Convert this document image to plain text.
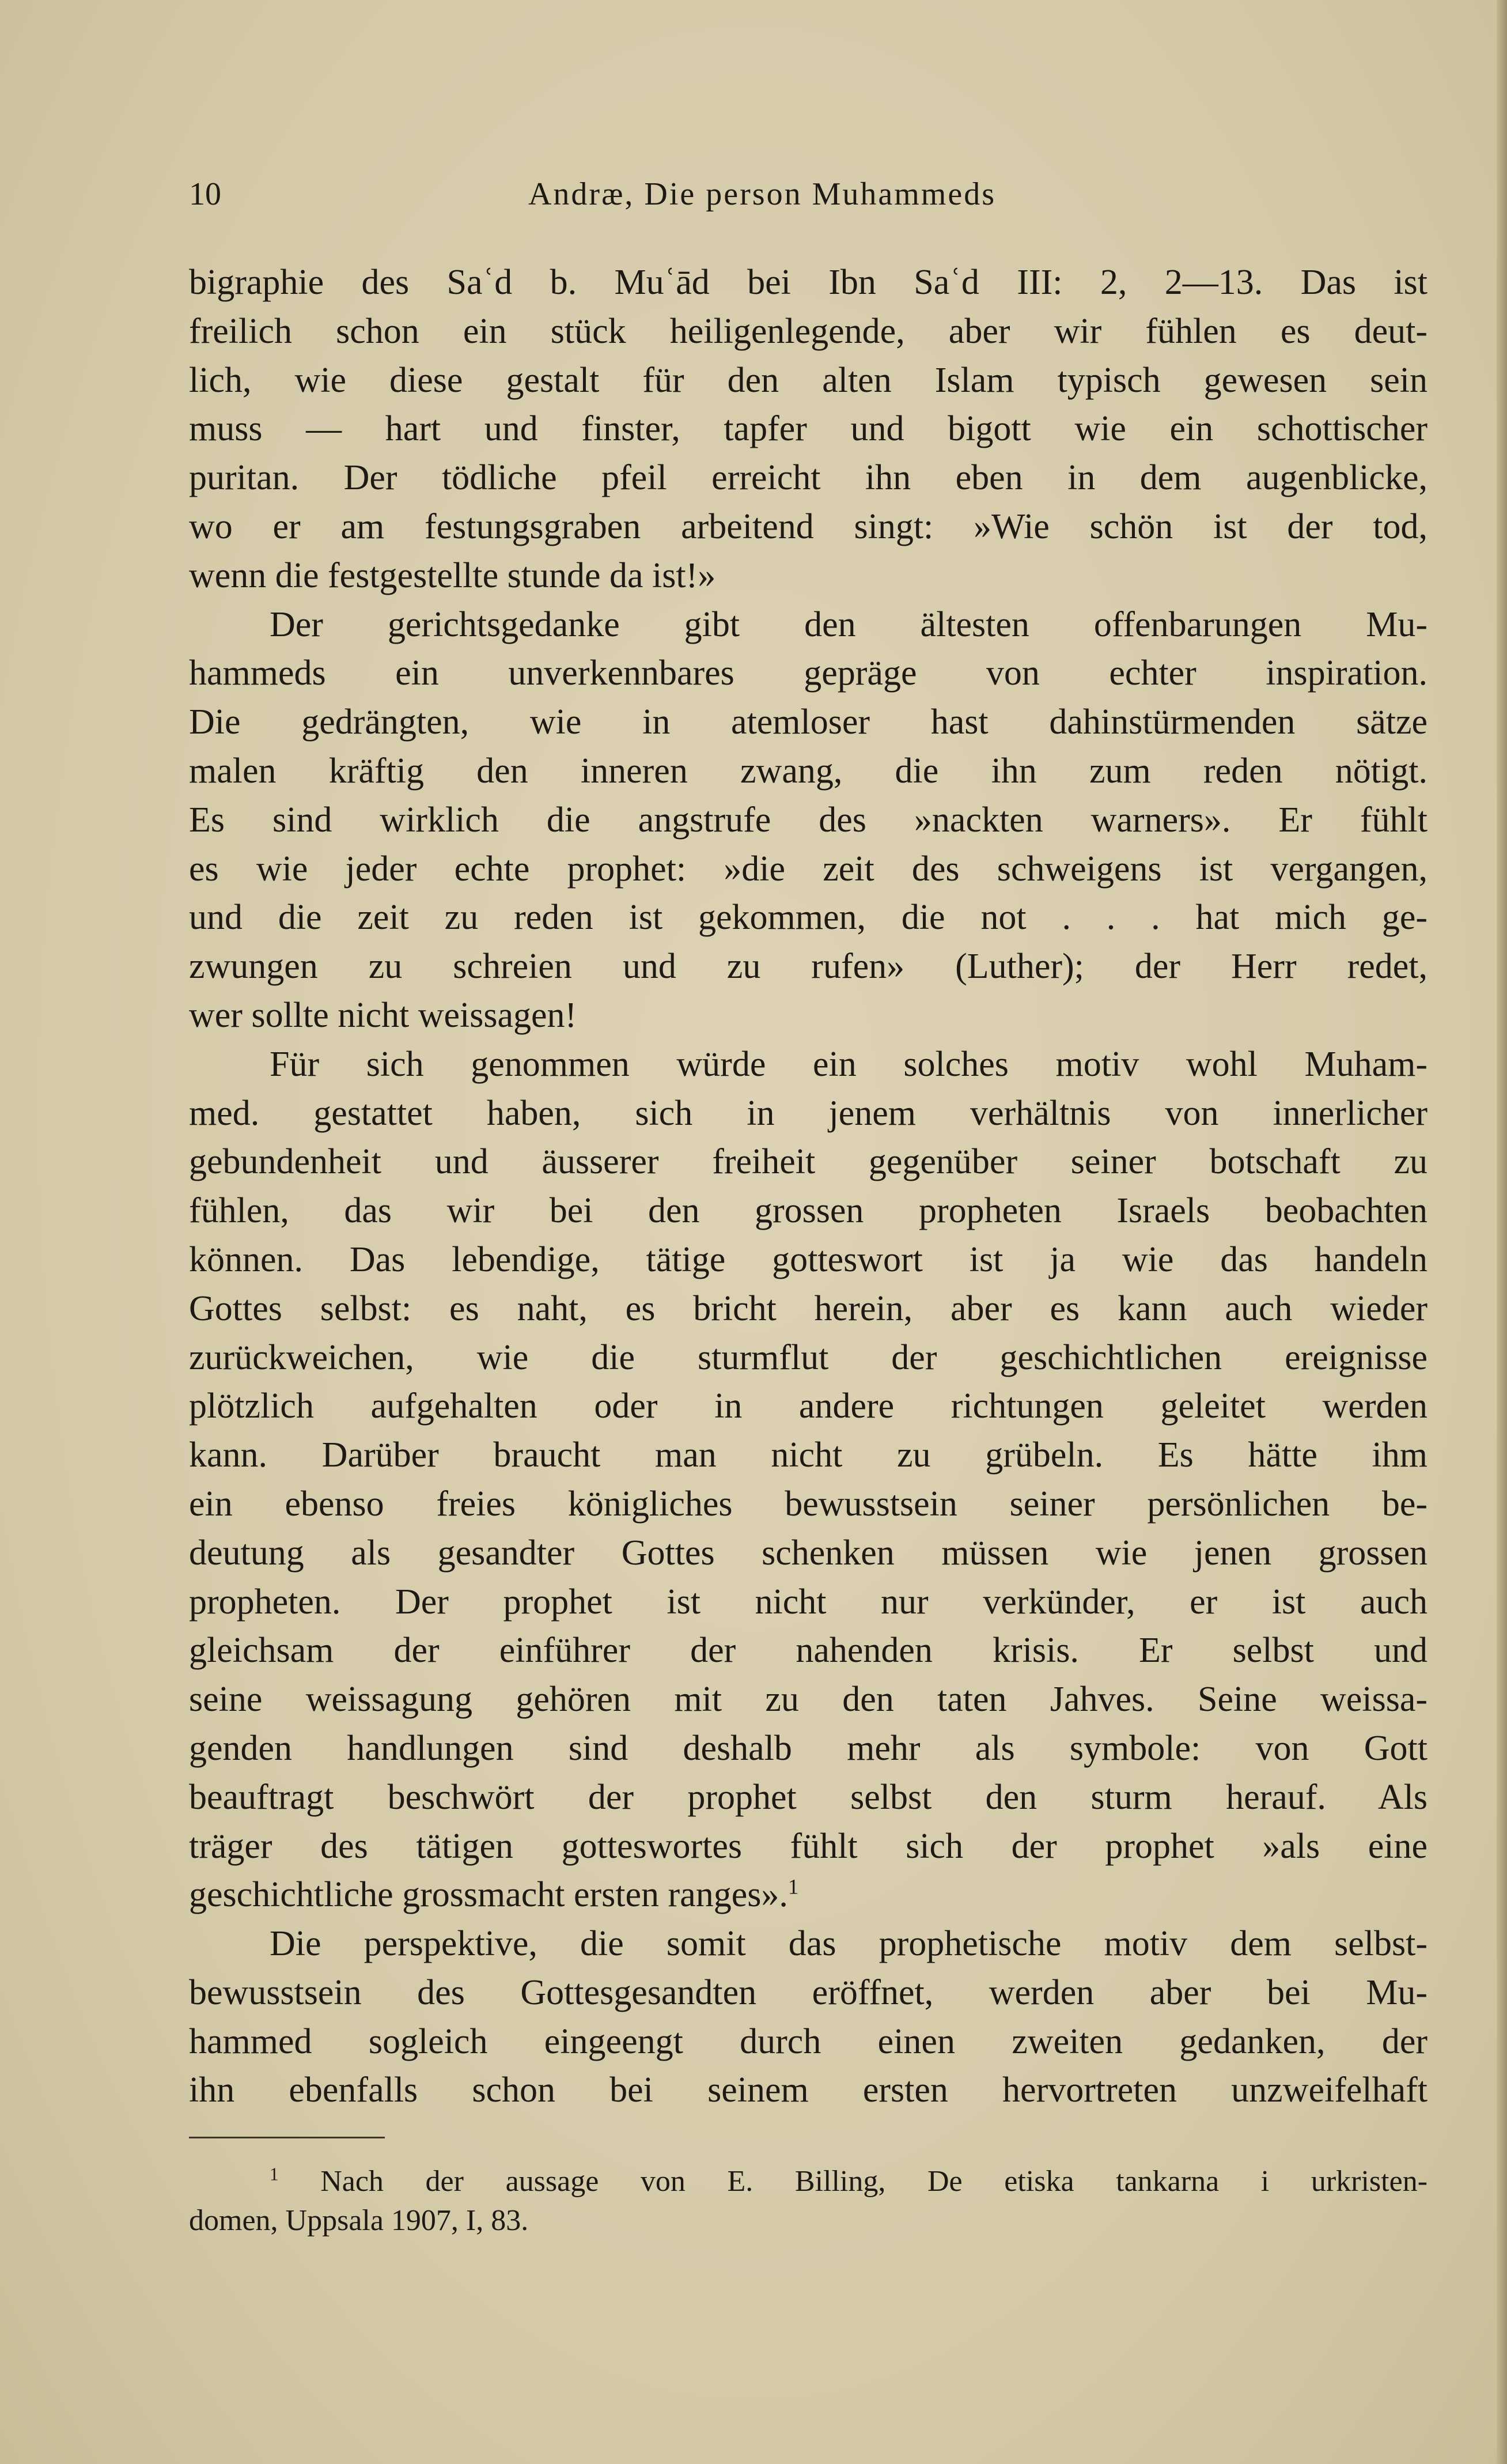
10	Andræ, Die person Muhammeds
bigraphie des Saʿd b. Muʿād bei Ibn Saʿd III: 2, 2—13. Das ist
freilich schon ein stück heiligenlegende, aber wir fühlen es deut-
lich, wie diese gestalt für den alten Islam typisch gewesen sein
muss — hart und finster, tapfer und bigott wie ein schottischer
puritan. Der tödliche pfeil erreicht ihn eben in dem augenblicke,
wo er am festungsgraben arbeitend singt: »Wie schön ist der tod,
wenn die festgestellte stunde da ist!»
Der gerichtsgedanke gibt den ältesten offenbarungen Mu-
hammeds ein unverkennbares gepräge von echter inspiration.
Die gedrängten, wie in atemloser hast dahinstürmenden sätze
malen kräftig den inneren zwang, die ihn zum reden nötigt.
Es sind wirklich die angstrufe des »nackten warners». Er fühlt
es wie jeder echte prophet: »die zeit des schweigens ist vergangen,
und die zeit zu reden ist gekommen, die not . . . hat mich ge-
zwungen zu schreien und zu rufen» (Luther); der Herr redet,
wer sollte nicht weissagen!
Für sich genommen würde ein solches motiv wohl Muham-
med. gestattet haben, sich in jenem verhältnis von innerlicher
gebundenheit und äusserer freiheit gegenüber seiner botschaft zu
fühlen, das wir bei den grossen propheten Israels beobachten
können. Das lebendige, tätige gotteswort ist ja wie das handeln
Gottes selbst: es naht, es bricht herein, aber es kann auch wieder
zurückweichen, wie die sturmflut der geschichtlichen ereignisse
plötzlich aufgehalten oder in andere richtungen geleitet werden
kann. Darüber braucht man nicht zu grübeln. Es hätte ihm
ein ebenso freies königliches bewusstsein seiner persönlichen be-
deutung als gesandter Gottes schenken müssen wie jenen grossen
propheten. Der prophet ist nicht nur verkünder, er ist auch
gleichsam der einführer der nahenden krisis. Er selbst und
seine weissagung gehören mit zu den taten Jahves. Seine weissa-
genden handlungen sind deshalb mehr als symbole: von Gott
beauftragt beschwört der prophet selbst den sturm herauf. Als
träger des tätigen gotteswortes fühlt sich der prophet »als eine
geschichtliche grossmacht ersten ranges».$^1$
Die perspektive, die somit das prophetische motiv dem selbst-
bewusstsein des Gottesgesandten eröffnet, werden aber bei Mu-
hammed sogleich eingeengt durch einen zweiten gedanken, der
ihn ebenfalls schon bei seinem ersten hervortreten unzweifelhaft
$^1$ Nach der aussage von E. Billing, De etiska tankarna i urkristen-
domen, Uppsala 1907, I, 83.
